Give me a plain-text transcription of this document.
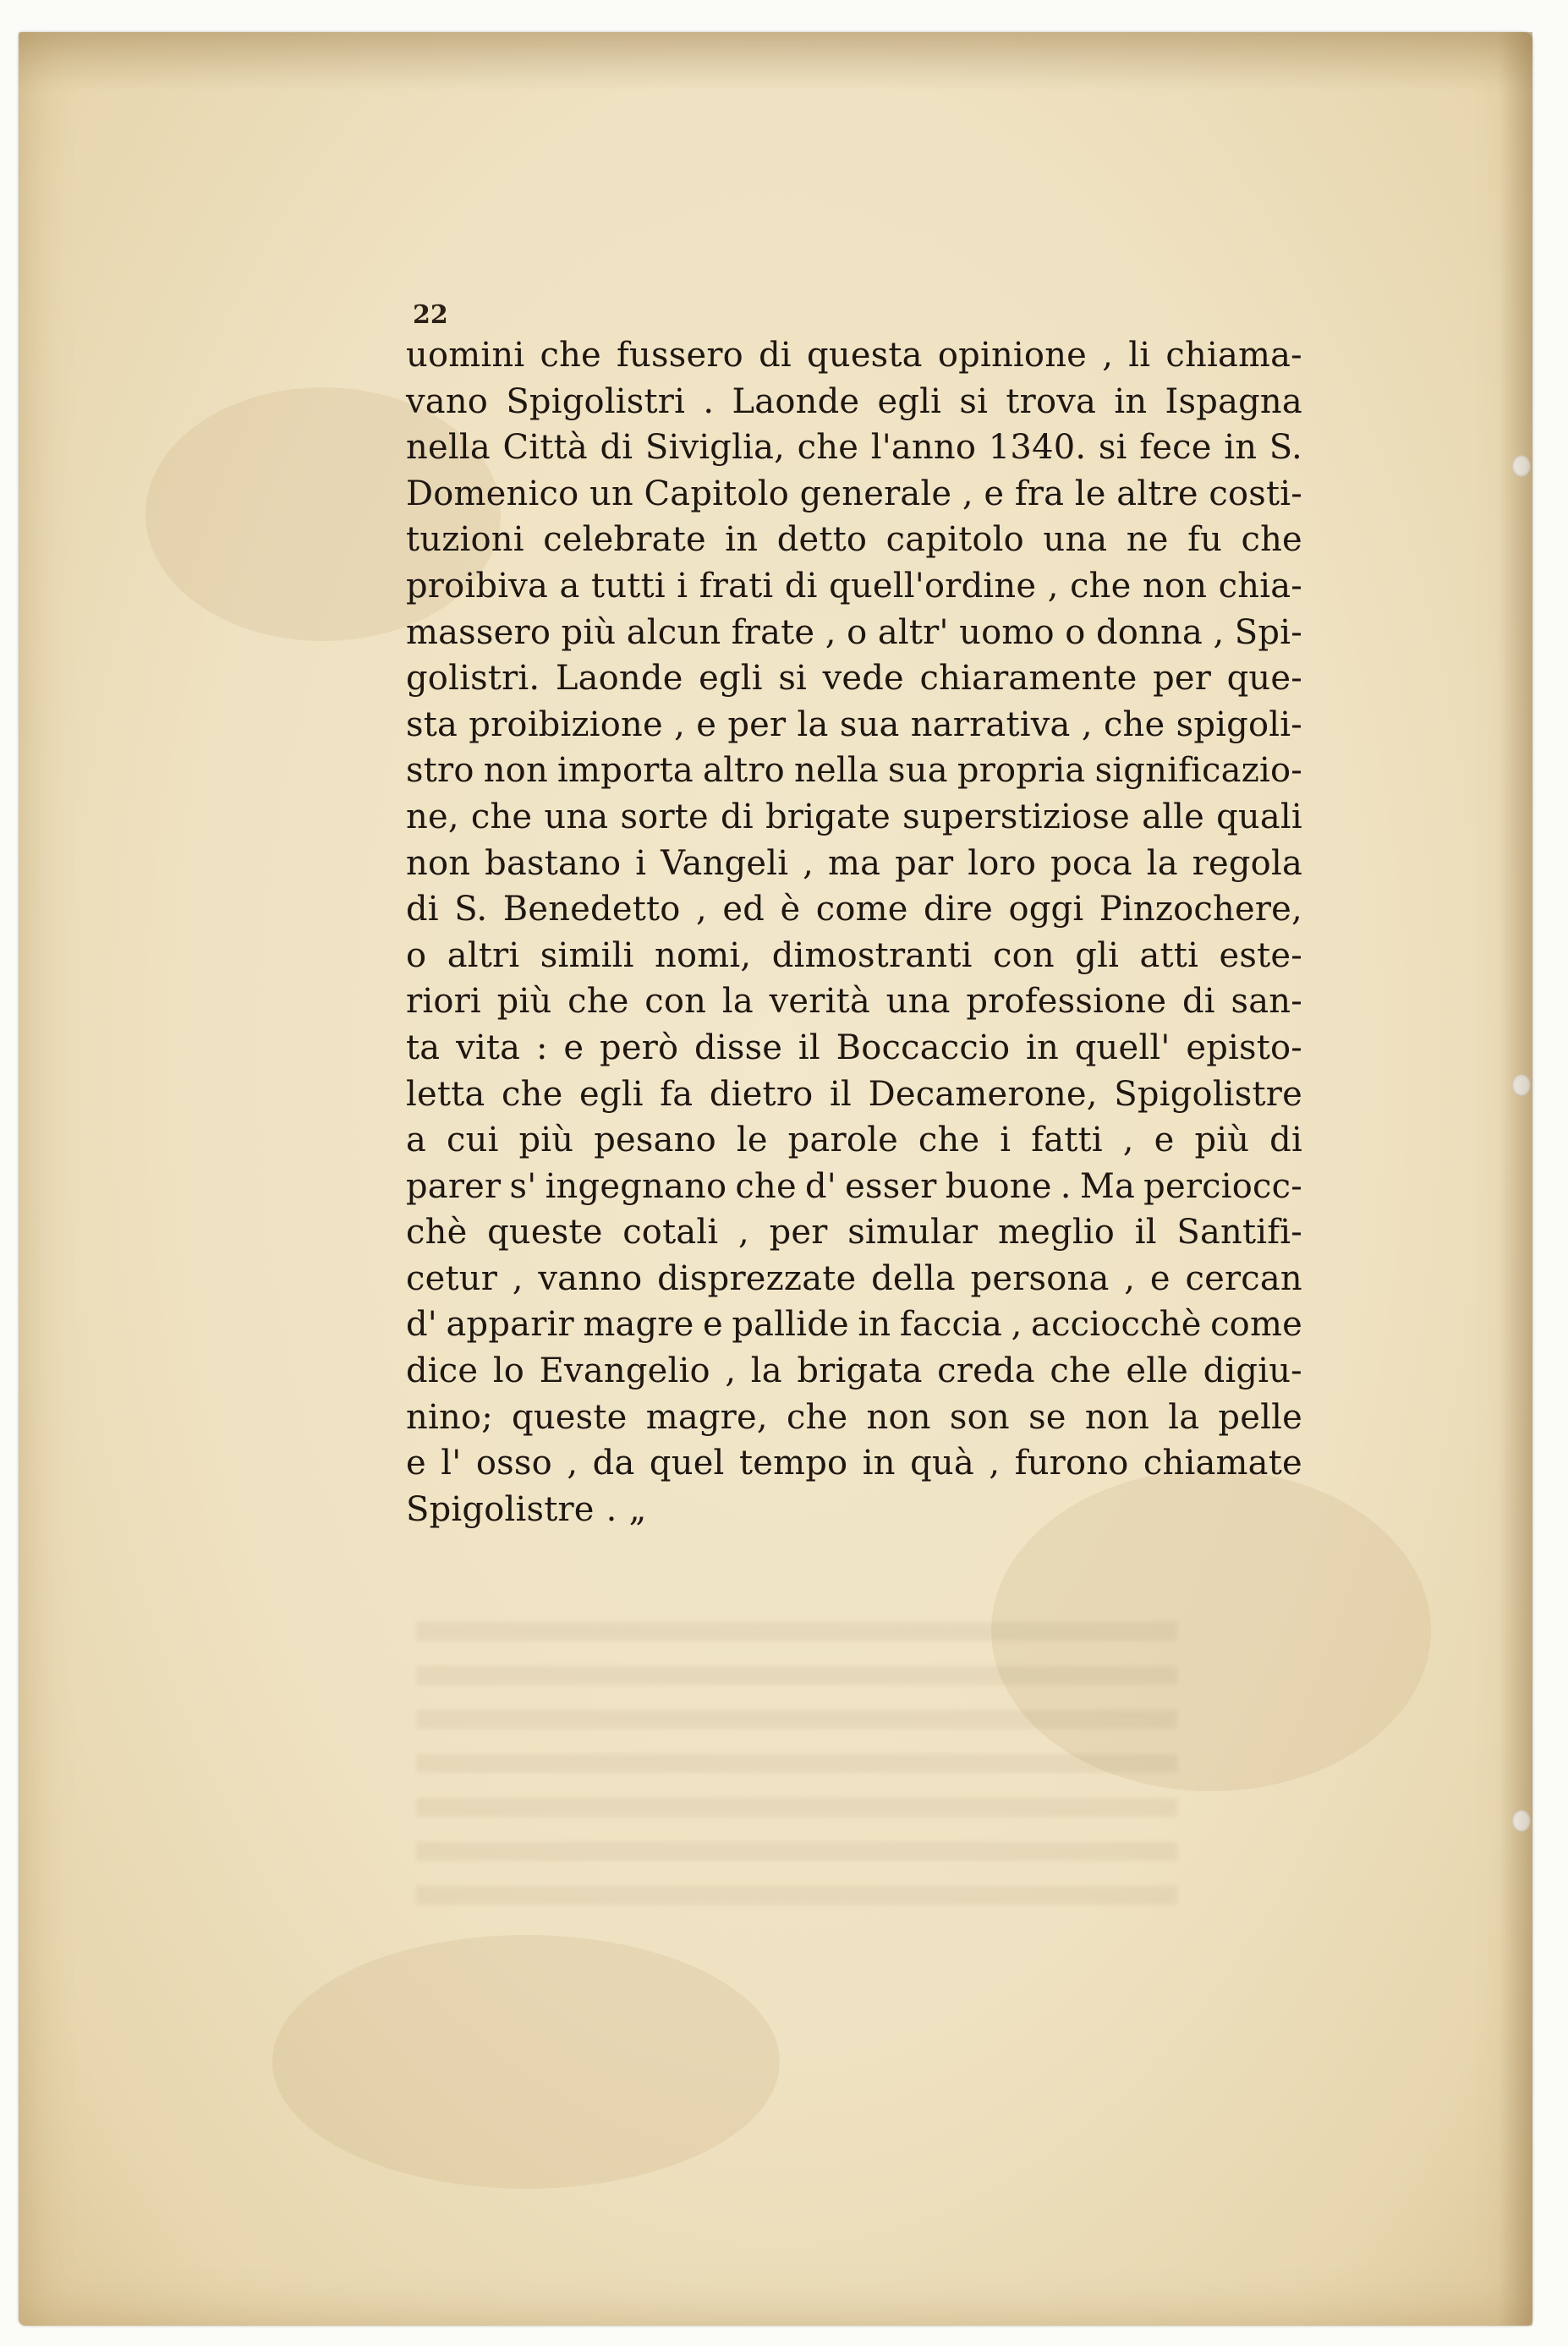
22
uomini che fussero di questa opinione , li chiama-
vano Spigolistri . Laonde egli si trova in Ispagna
nella Città di Siviglia, che l'anno 1340. si fece in S.
Domenico un Capitolo generale , e fra le altre costi-
tuzioni celebrate in detto capitolo una ne fu che
proibiva a tutti i frati di quell'ordine , che non chia-
massero più alcun frate , o altr' uomo o donna , Spi-
golistri. Laonde egli si vede chiaramente per que-
sta proibizione , e per la sua narrativa , che spigoli-
stro non importa altro nella sua propria significazio-
ne, che una sorte di brigate superstiziose alle quali
non bastano i Vangeli , ma par loro poca la regola
di S. Benedetto , ed è come dire oggi Pinzochere,
o altri simili nomi, dimostranti con gli atti este-
riori più che con la verità una professione di san-
ta vita : e però disse il Boccaccio in quell' episto-
letta che egli fa dietro il Decamerone, Spigolistre
a cui più pesano le parole che i fatti , e più di
parer s' ingegnano che d' esser buone . Ma perciocc-
chè queste cotali , per simular meglio il Santifi-
cetur , vanno disprezzate della persona , e cercan
d' apparir magre e pallide in faccia , acciocchè come
dice lo Evangelio , la brigata creda che elle digiu-
nino; queste magre, che non son se non la pelle
e l' osso , da quel tempo in quà , furono chiamate
Spigolistre . „
